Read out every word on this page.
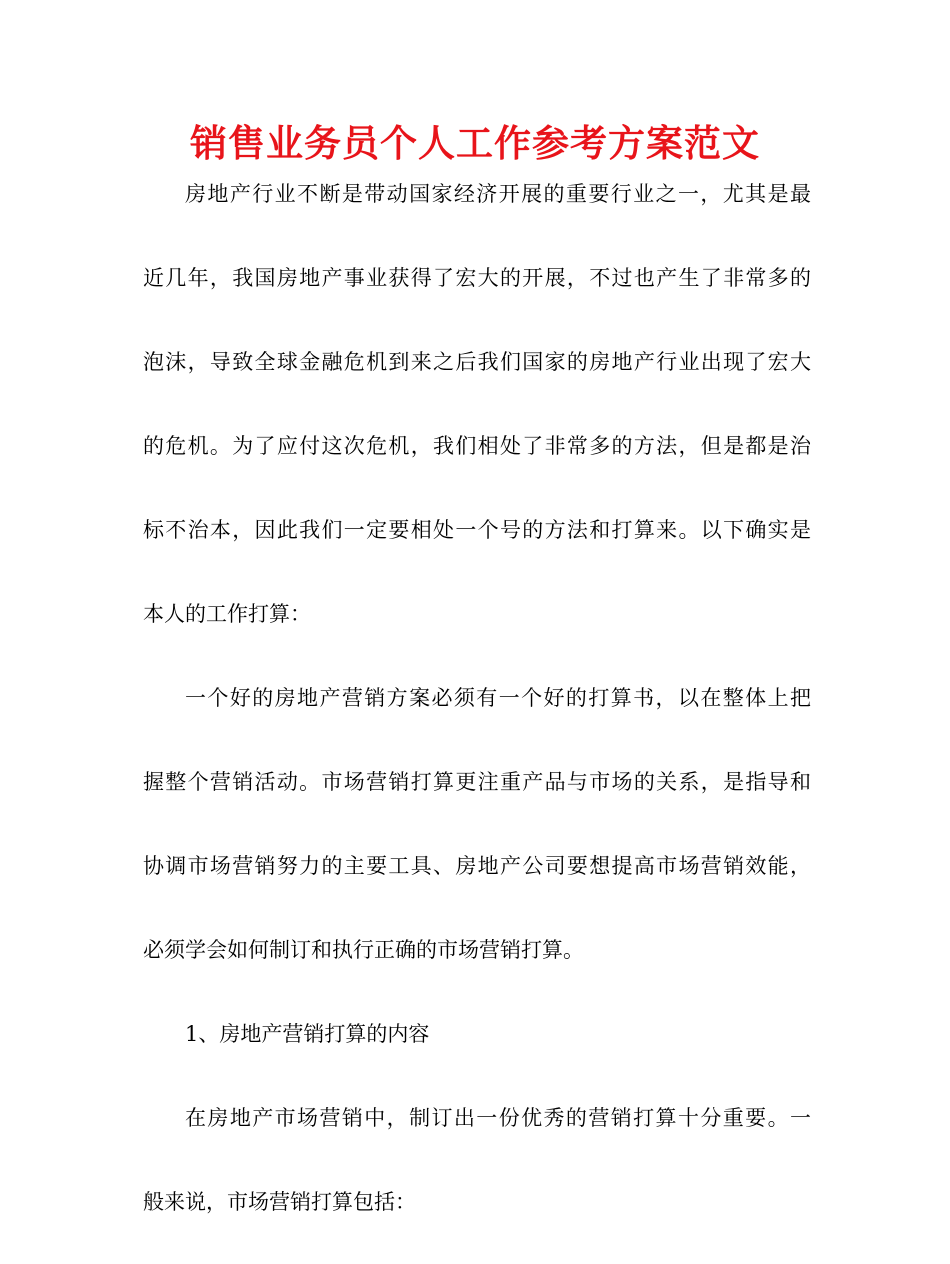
销售业务员个人工作参考方案范文
房地产行业不断是带动国家经济开展的重要行业之一，尤其是最
近几年，我国房地产事业获得了宏大的开展，不过也产生了非常多的
泡沫，导致全球金融危机到来之后我们国家的房地产行业出现了宏大
的危机。为了应付这次危机，我们相处了非常多的方法，但是都是治
标不治本，因此我们一定要相处一个号的方法和打算来。以下确实是
本人的工作打算：
一个好的房地产营销方案必须有一个好的打算书，以在整体上把
握整个营销活动。市场营销打算更注重产品与市场的关系，是指导和
协调市场营销努力的主要工具、房地产公司要想提高市场营销效能，
必须学会如何制订和执行正确的市场营销打算。
1、房地产营销打算的内容
在房地产市场营销中，制订出一份优秀的营销打算十分重要。一
般来说，市场营销打算包括：
